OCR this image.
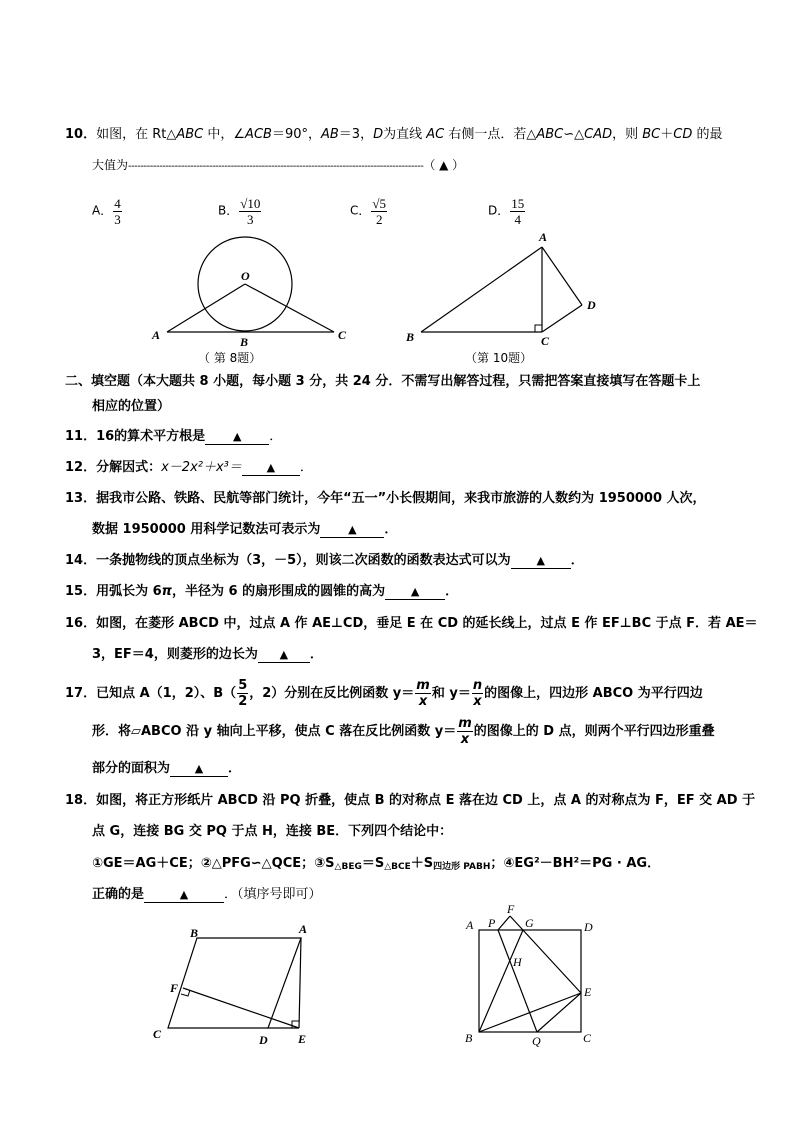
10．如图，在 Rt△ABC 中，∠ACB＝90°，AB＝3，D为直线 AC 右侧一点．若△ABC∽△CAD，则 BC＋CD 的最
大值为-----------------------------------------------------------------------------------------------（ ▲ ）
A． $\frac{4}{3}$	B． $\frac{√10}{3}$	C． $\frac{√5}{2}$	D． $\frac{15}{4}$
O
A	B	C
A
B	C
D
A
B
C	D	E
F
A P
F
G	D
H
E
B	Q	C
（ 第 8题）	（第 10题）
二、填空题（本大题共 8 小题，每小题 3 分，共 24 分．不需写出解答过程，只需把答案直接填写在答题卡上
相应的位置）
11．16的算术平方根是	▲ ．
12．分解因式：x－2x²＋x³＝ ▲ ．
13．据我市公路、铁路、民航等部门统计，今年“五一”小长假期间，来我市旅游的人数约为 1950000 人次，
数据 1950000 用科学记数法可表示为	▲ ．
14．一条抛物线的顶点坐标为（3，－5），则该二次函数的函数表达式可以为 ▲ ．
15．用弧长为 6π，半径为 6 的扇形围成的圆锥的高为 ▲ ．
16．如图，在菱形 ABCD 中，过点 A 作 AE⊥CD，垂足 E 在 CD 的延长线上，过点 E 作 EF⊥BC 于点 F．若 AE＝
3，EF＝4，则菱形的边长为 ▲ ．
17．已知点 A（1，2）、$B( \frac{5}{2}$ ，2）分别在反比例函数 $y= \frac{m}{x}$ 和 $y= \frac{n}{x}$ 的图像上，四边形 ABCO 为平行四边
形．将▱ABCO 沿 y 轴向上平移，使点 C 落在反比例函数 $y= \frac{m}{x}$ 的图像上的 D 点，则两个平行四边形重叠
部分的面积为 ▲ ．
18．如图，将正方形纸片 ABCD 沿 PQ 折叠，使点 B 的对称点 E 落在边 CD 上，点 A 的对称点为 F，EF 交 AD 于
点 G，连接 BG 交 PQ 于点 H，连接 BE．下列四个结论中：
①GE＝AG＋CE；②△PFG∽△QCE；$③S_{\triangle BEG}=S_{\triangle BCE}+S_{四边形 PABH}$；④EG²－BH²＝PG · AG．
正确的是	▲	．（填序号即可）
